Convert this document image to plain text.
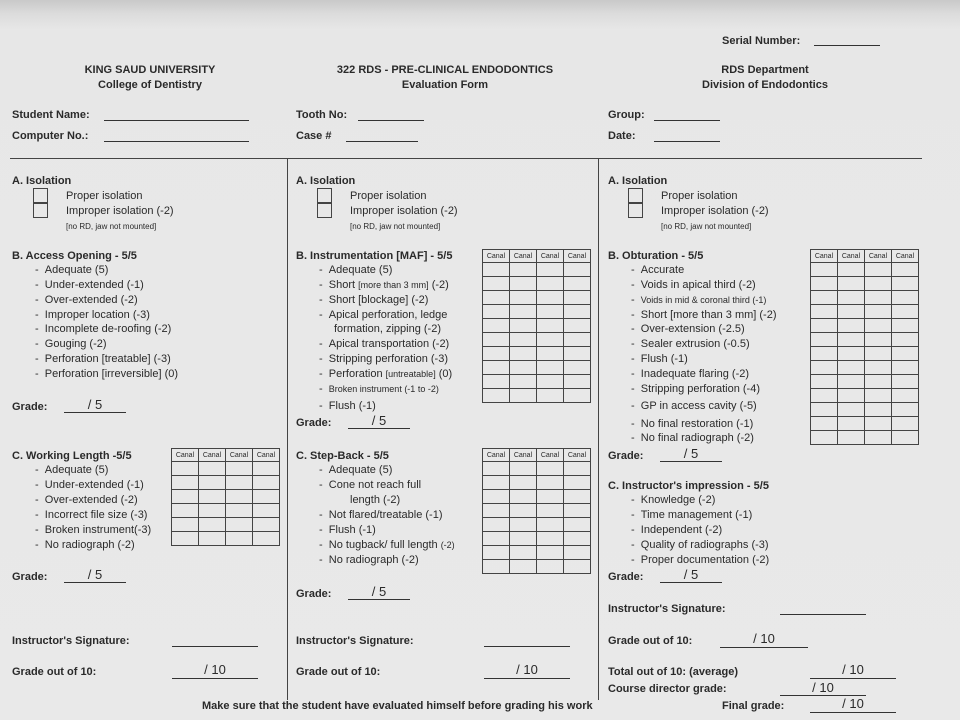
Serial Number:
KING SAUD UNIVERSITY
College of Dentistry
322 RDS - PRE-CLINICAL ENDODONTICS
Evaluation Form
RDS Department
Division of Endodontics
Student Name:
Computer No.:
Tooth No:
Case #
Group:
Date:
A. Isolation
Proper isolation
Improper isolation (-2)
[no RD, jaw not mounted]
B. Access Opening - 5/5
-  Adequate (5)
-  Under-extended (-1)
-  Over-extended (-2)
-  Improper location (-3)
-  Incomplete de-roofing (-2)
-  Gouging (-2)
-  Perforation [treatable] (-3)
-  Perforation [irreversible] (0)
Grade:	/ 5
C. Working Length -5/5
-  Adequate (5)
-  Under-extended (-1)
-  Over-extended (-2)
-  Incorrect file size (-3)
-  Broken instrument(-3)
-  No radiograph (-2)
Canal	Canal	Canal	Canal

Grade:	/ 5
Instructor's Signature:
Grade out of 10:	/ 10
A. Isolation
Proper isolation
Improper isolation (-2)
[no RD, jaw not mounted]
B. Instrumentation [MAF] - 5/5
-  Adequate (5)
-  Short [more than 3 mm] (-2)
-  Short [blockage] (-2)
-  Apical perforation, ledge
formation, zipping (-2)
-  Apical transportation (-2)
-  Stripping perforation (-3)
-  Perforation [untreatable] (0)
-  Broken instrument (-1 to -2)
-  Flush (-1)
Canal	Canal	Canal	Canal

Grade:	/ 5
C. Step-Back - 5/5
-  Adequate (5)
-  Cone not reach full
length (-2)
-  Not flared/treatable (-1)
-  Flush (-1)
-  No tugback/ full length (-2)
-  No radiograph (-2)
Canal	Canal	Canal	Canal

Grade:	/ 5
Instructor's Signature:
Grade out of 10:	/ 10
A. Isolation
Proper isolation
Improper isolation (-2)
[no RD, jaw not mounted]
B. Obturation - 5/5
-  Accurate
-  Voids in apical third (-2)
-  Voids in mid & coronal third (-1)
-  Short [more than 3 mm] (-2)
-  Over-extension (-2.5)
-  Sealer extrusion (-0.5)
-  Flush (-1)
-  Inadequate flaring (-2)
-  Stripping perforation (-4)
-  GP in access cavity (-5)
-  No final restoration (-1)
-  No final radiograph (-2)
Canal	Canal	Canal	Canal

Grade:	/ 5
C. Instructor's impression - 5/5
-  Knowledge (-2)
-  Time management (-1)
-  Independent (-2)
-  Quality of radiographs (-3)
-  Proper documentation (-2)
Grade:	/ 5
Instructor's Signature:
Grade out of 10:	/ 10
Total out of 10: (average)	/ 10
Course director grade:	/ 10
Final grade:	/ 10
Make sure that the student have evaluated himself before grading his work
